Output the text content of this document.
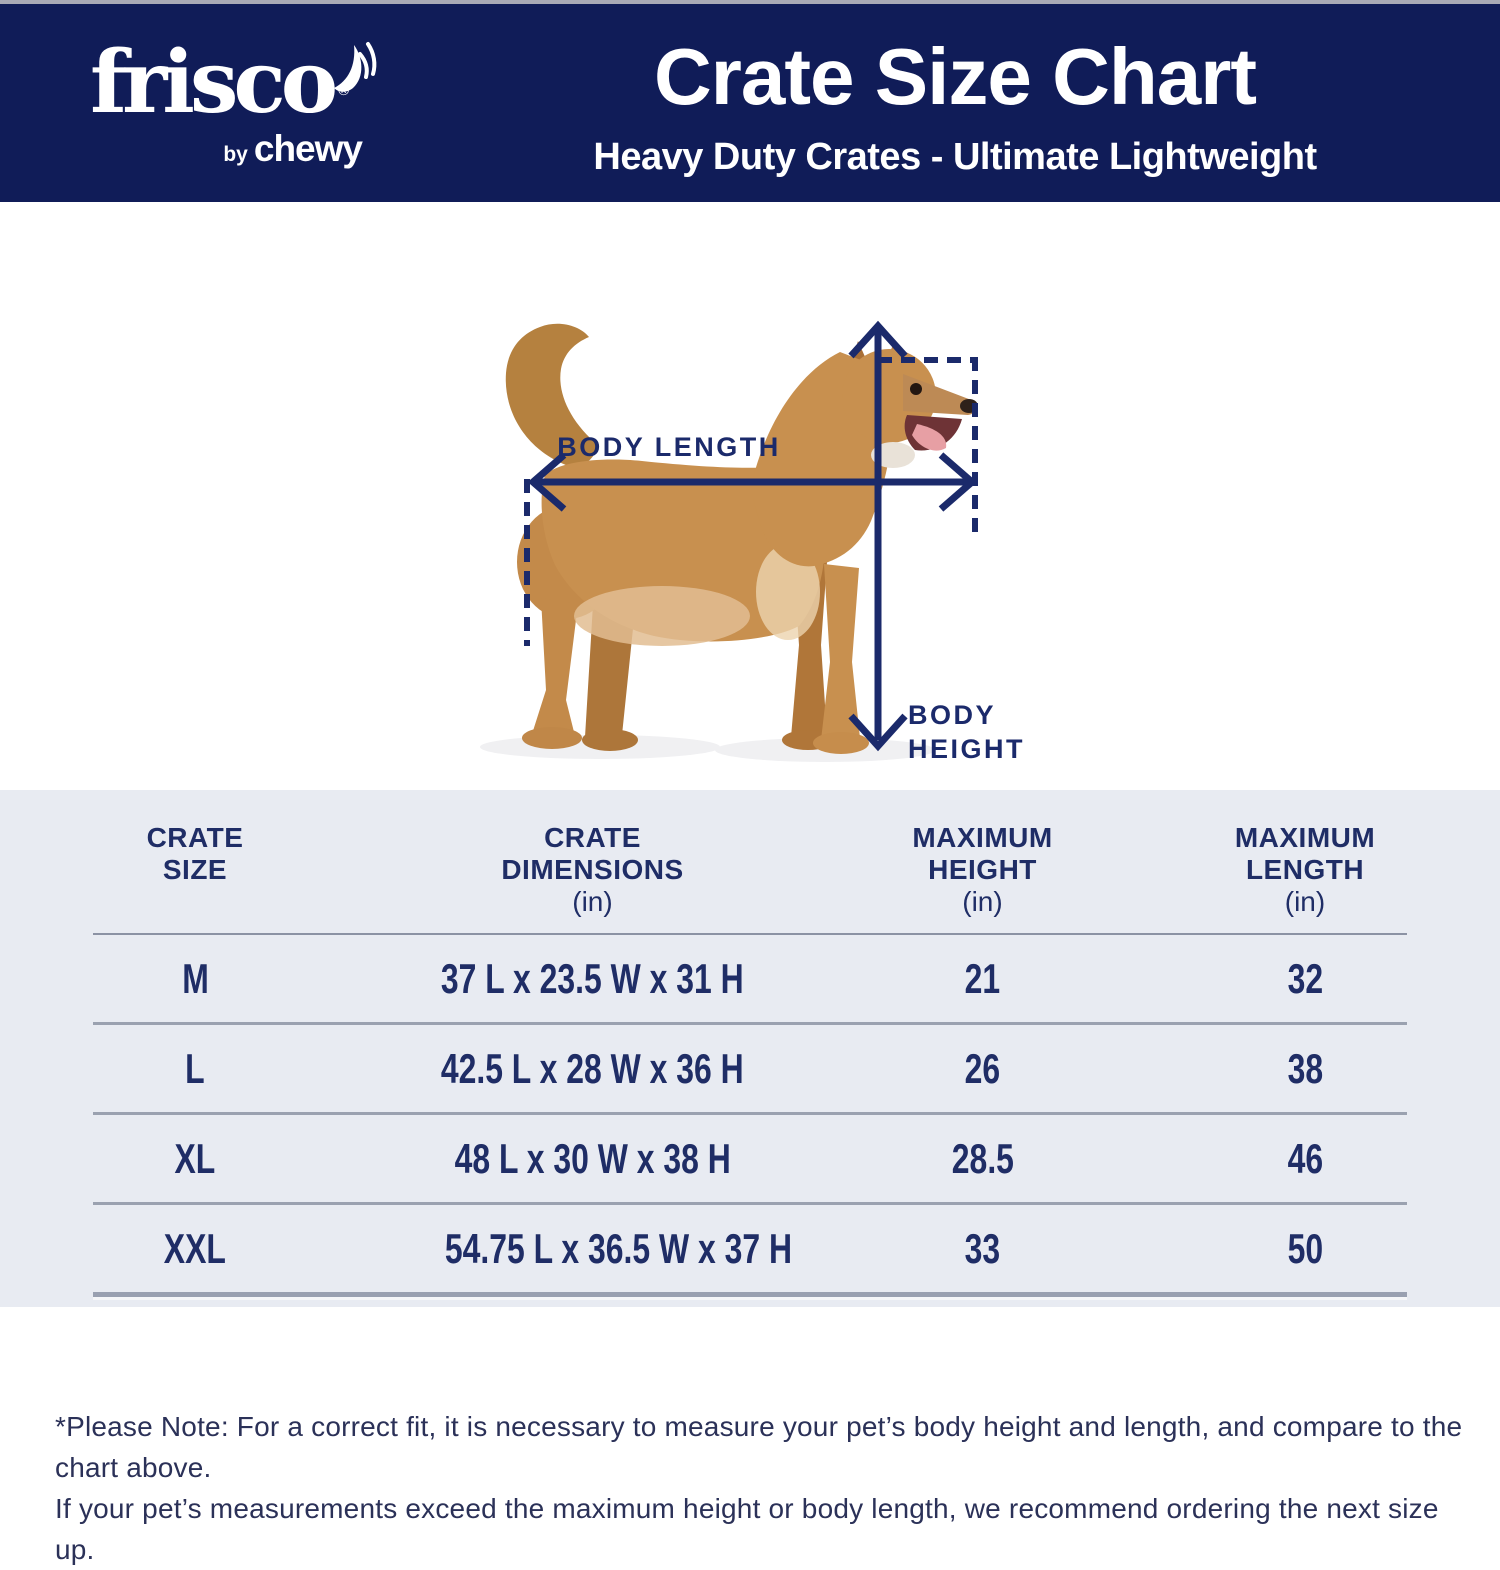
frisco
by chewy
Crate Size Chart
Heavy Duty Crates - Ultimate Lightweight
BODY LENGTH
BODY
HEIGHT
CRATE
SIZE
CRATE
DIMENSIONS
(in)
MAXIMUM
HEIGHT
(in)
MAXIMUM
LENGTH
(in)
M	37 L x 23.5 W x 31 H	21	32
L	42.5 L x 28 W x 36 H	26	38
XL	48 L x 30 W x 38 H	28.5	46
XXL	54.75 L x 36.5 W x 37 H	33	50
*Please Note: For a correct fit, it is necessary to measure your pet’s body height and length, and compare to the chart above.
If your pet’s measurements exceed the maximum height or body length, we recommend ordering the next size up.
